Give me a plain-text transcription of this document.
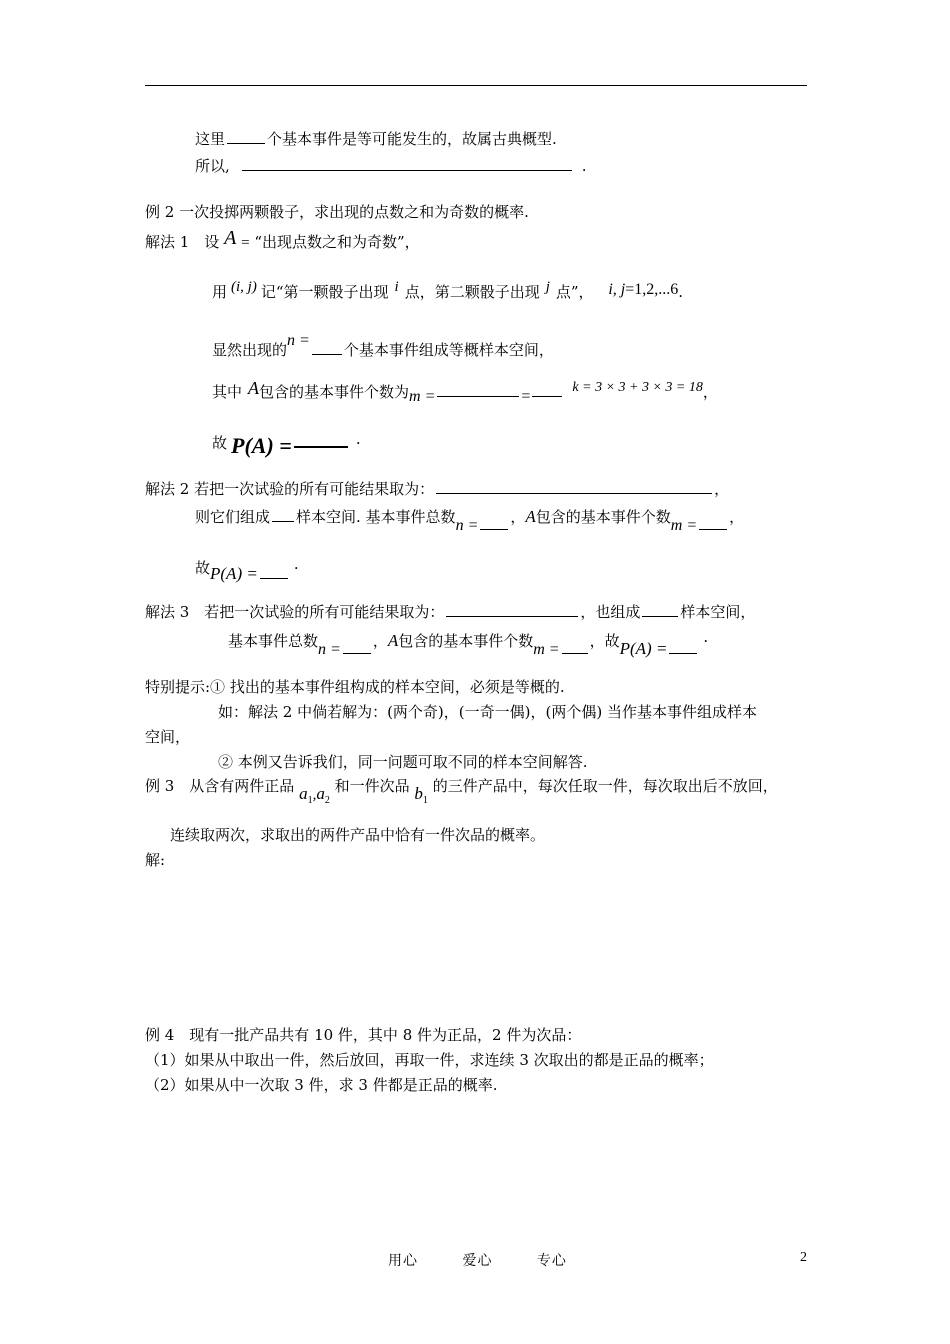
这里	个基本事件是等可能发生的，故属古典概型.
所以,	.
例 2 一次投掷两颗骰子，求出现的点数之和为奇数的概率.
解法 1　设 A = “出现点数之和为奇数”，
用 (i, j) 记“第一颗骰子出现 i 点，第二颗骰子出现 j 点”， i, j=1,2,...6.
显然出现的n =个基本事件组成等概样本空间，
其中 A包含的基本事件个数为m =	=k = 3 × 3 + 3 × 3 = 18，
故 P(A) =	·
解法 2 若把一次试验的所有可能结果取为：	，
则它们组成 样本空间. 基本事件总数n = ，A包含的基本事件个数m = ，
故P(A) = ·
解法 3　若把一次试验的所有可能结果取为：	，也组成	样本空间，
基本事件总数n = ，A包含的基本事件个数m = ，故P(A) = ·
特别提示:① 找出的基本事件组构成的样本空间，必须是等概的.
如：解法 2 中倘若解为：(两个奇)，(一奇一偶)，(两个偶) 当作基本事件组成样本
空间，
② 本例又告诉我们，同一问题可取不同的样本空间解答.
例 3　从含有两件正品 $a_1,a_2$ 和一件次品 $b_1$ 的三件产品中，每次任取一件，每次取出后不放回，
连续取两次，求取出的两件产品中恰有一件次品的概率。
解:
例 4　现有一批产品共有 10 件，其中 8 件为正品，2 件为次品：
（1）如果从中取出一件，然后放回，再取一件，求连续 3 次取出的都是正品的概率；
（2）如果从中一次取 3 件，求 3 件都是正品的概率.
用心　 爱心　 专心	2
